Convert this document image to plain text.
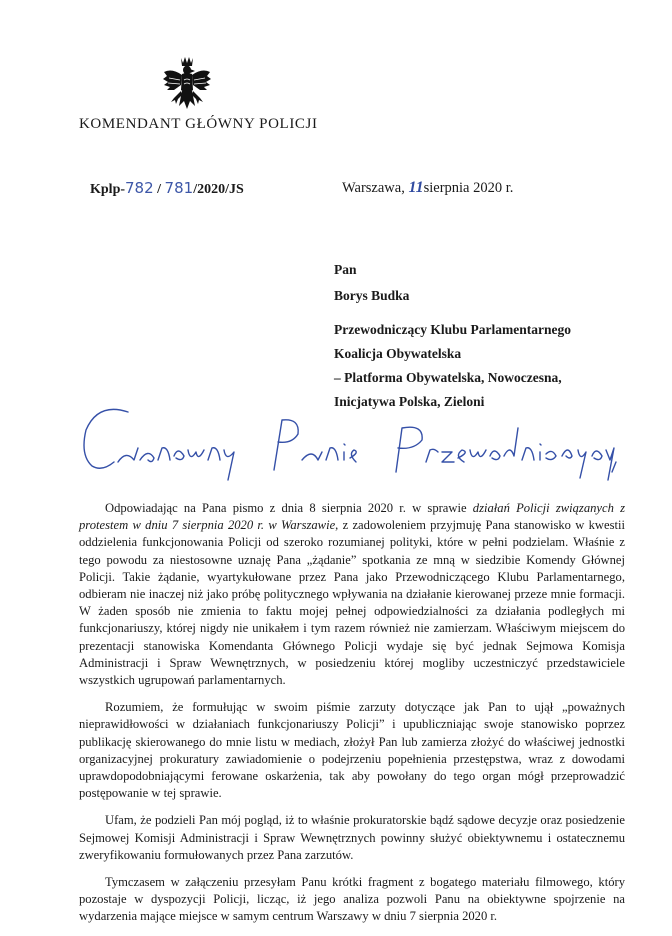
KOMENDANT GŁÓWNY POLICJI
Kplp-782 / 781/2020/JS	Warszawa, 11sierpnia 2020 r.
Pan
Borys Budka
Przewodniczący Klubu Parlamentarnego
Koalicja Obywatelska
– Platforma Obywatelska, Nowoczesna,
Inicjatywa Polska, Zieloni

Odpowiadając na Pana pismo z dnia 8 sierpnia 2020 r. w sprawie działań Policji związanych z protestem w dniu 7 sierpnia 2020 r. w Warszawie, z zadowoleniem przyjmuję Pana stanowisko w kwestii oddzielenia funkcjonowania Policji od szeroko rozumianej polityki, które w pełni podzielam. Właśnie z tego powodu za niestosowne uznaję Pana „żądanie” spotkania ze mną w siedzibie Komendy Głównej Policji. Takie żądanie, wyartykułowane przez Pana jako Przewodniczącego Klubu Parlamentarnego, odbieram nie inaczej niż jako próbę politycznego wpływania na działanie kierowanej przeze mnie formacji. W żaden sposób nie zmienia to faktu mojej pełnej odpowiedzialności za działania podległych mi funkcjonariuszy, której nigdy nie unikałem i tym razem również nie zamierzam. Właściwym miejscem do prezentacji stanowiska Komendanta Głównego Policji wydaje się być jednak Sejmowa Komisja Administracji i Spraw Wewnętrznych, w posiedzeniu której mogliby uczestniczyć przedstawiciele wszystkich ugrupowań parlamentarnych.

Rozumiem, że formułując w swoim piśmie zarzuty dotyczące jak Pan to ujął „poważnych nieprawidłowości w działaniach funkcjonariuszy Policji” i upubliczniając swoje stanowisko poprzez publikację skierowanego do mnie listu w mediach, złożył Pan lub zamierza złożyć do właściwej jednostki organizacyjnej prokuratury zawiadomienie o podejrzeniu popełnienia przestępstwa, wraz z dowodami uprawdopodobniającymi ferowane oskarżenia, tak aby powołany do tego organ mógł przeprowadzić postępowanie w tej sprawie.

Ufam, że podzieli Pan mój pogląd, iż to właśnie prokuratorskie bądź sądowe decyzje oraz posiedzenie Sejmowej Komisji Administracji i Spraw Wewnętrznych powinny służyć obiektywnemu i ostatecznemu zweryfikowaniu formułowanych przez Pana zarzutów.

Tymczasem w załączeniu przesyłam Panu krótki fragment z bogatego materiału filmowego, który pozostaje w dyspozycji Policji, licząc, iż jego analiza pozwoli Panu na obiektywne spojrzenie na wydarzenia mające miejsce w samym centrum Warszawy w dniu 7 sierpnia 2020 r.
